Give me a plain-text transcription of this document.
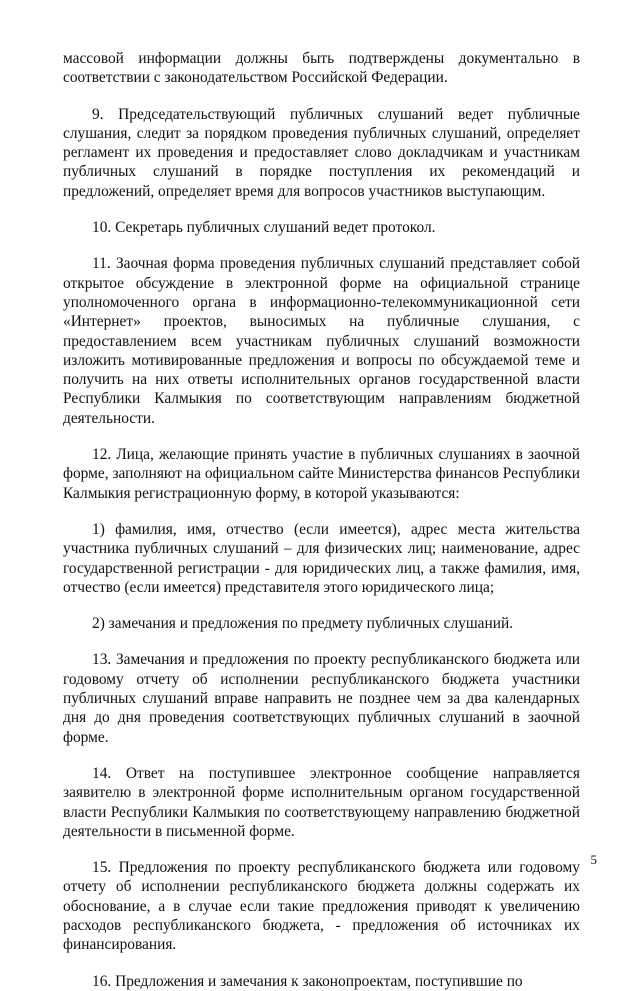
массовой информации должны быть подтверждены документально в соответствии с законодательством Российской Федерации.

9. Председательствующий публичных слушаний ведет публичные слушания, следит за порядком проведения публичных слушаний, определяет регламент их проведения и предоставляет слово докладчикам и участникам публичных слушаний в порядке поступления их рекомендаций и предложений, определяет время для вопросов участников выступающим.

10. Секретарь публичных слушаний ведет протокол.

11. Заочная форма проведения публичных слушаний представляет собой открытое обсуждение в электронной форме на официальной странице уполномоченного органа в информационно-телекоммуникационной сети «Интернет» проектов, выносимых на публичные слушания, с предоставлением всем участникам публичных слушаний возможности изложить мотивированные предложения и вопросы по обсуждаемой теме и получить на них ответы исполнительных органов государственной власти Республики Калмыкия по соответствующим направлениям бюджетной деятельности.

12. Лица, желающие принять участие в публичных слушаниях в заочной форме, заполняют на официальном сайте Министерства финансов Республики Калмыкия регистрационную форму, в которой указываются:

1) фамилия, имя, отчество (если имеется), адрес места жительства участника публичных слушаний – для физических лиц; наименование, адрес государственной регистрации - для юридических лиц, а также фамилия, имя, отчество (если имеется) представителя этого юридического лица;

2) замечания и предложения по предмету публичных слушаний.

13. Замечания и предложения по проекту республиканского бюджета или годовому отчету об исполнении республиканского бюджета участники публичных слушаний вправе направить не позднее чем за два календарных дня до дня проведения соответствующих публичных слушаний в заочной форме.

14. Ответ на поступившее электронное сообщение направляется заявителю в электронной форме исполнительным органом государственной власти Республики Калмыкия по соответствующему направлению бюджетной деятельности в письменной форме.

15. Предложения по проекту республиканского бюджета или годовому отчету об исполнении республиканского бюджета должны содержать их обоснование, а в случае если такие предложения приводят к увеличению расходов республиканского бюджета, - предложения об источниках их финансирования.

16. Предложения и замечания к законопроектам, поступившие по

5
